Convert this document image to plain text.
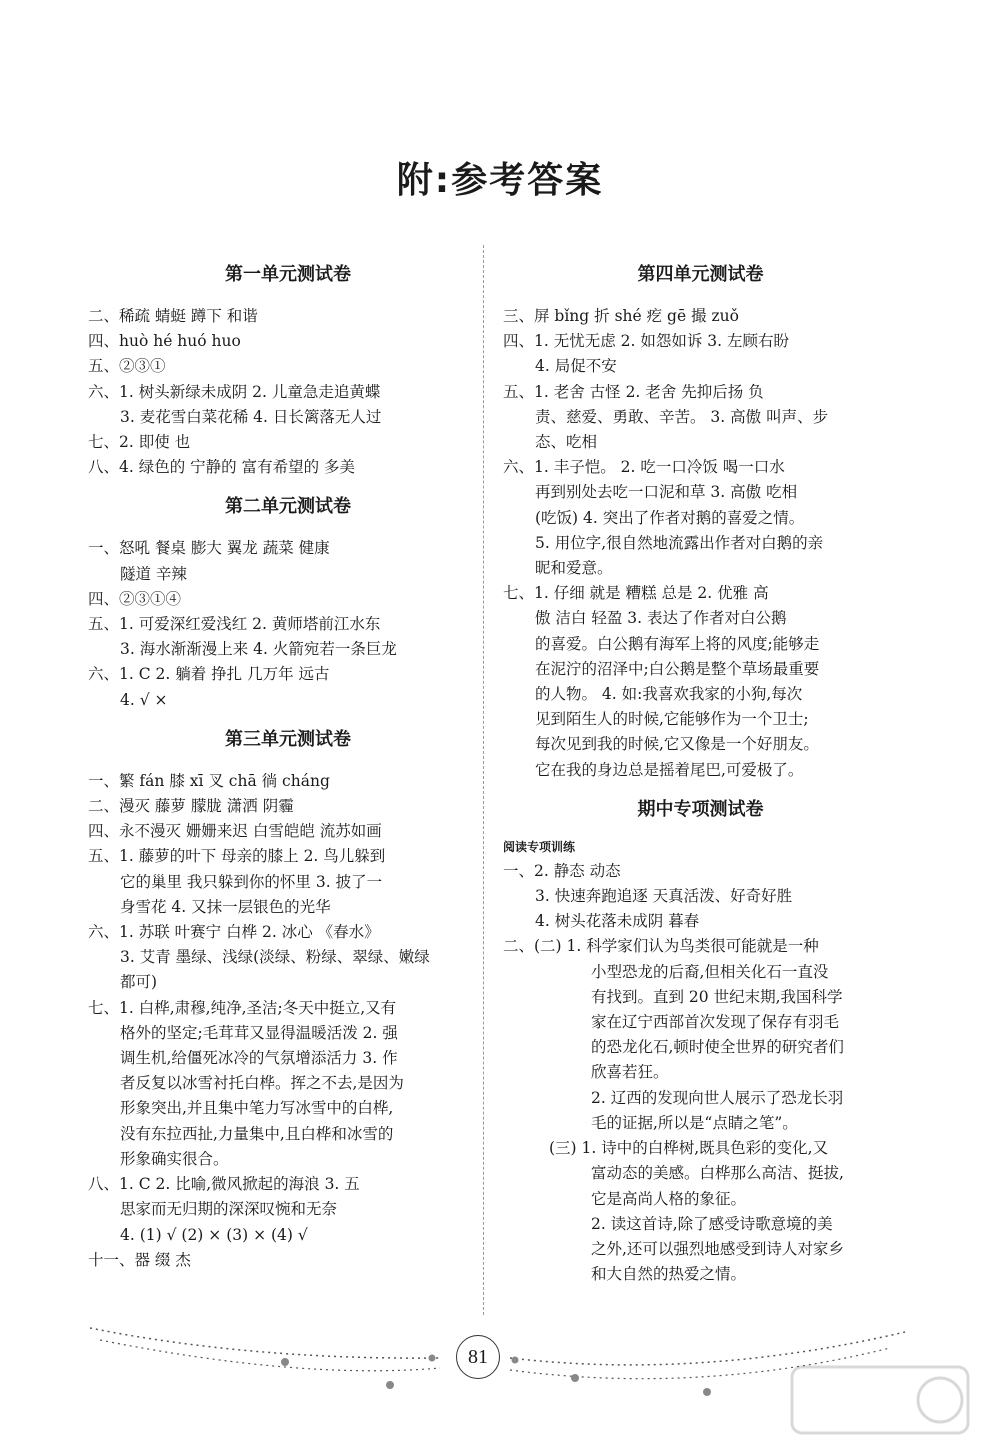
附:参考答案
第一单元测试卷
二、稀疏 蜻蜓 蹲下 和谐
四、huò hé huó huo
五、②③①
六、1. 树头新绿未成阴 2. 儿童急走追黄蝶
3. 麦花雪白菜花稀 4. 日长篱落无人过
七、2. 即使 也
八、4. 绿色的 宁静的 富有希望的 多美
第二单元测试卷
一、怒吼 餐桌 膨大 翼龙 蔬菜 健康
隧道 辛辣
四、②③①④
五、1. 可爱深红爱浅红 2. 黄师塔前江水东
3. 海水渐渐漫上来 4. 火箭宛若一条巨龙
六、1. C 2. 躺着 挣扎 几万年 远古
4. √ ×
第三单元测试卷
一、繁 fán 膝 xī 叉 chā 徜 cháng
二、漫灭 藤萝 朦胧 潇洒 阴霾
四、永不漫灭 姗姗来迟 白雪皑皑 流苏如画
五、1. 藤萝的叶下 母亲的膝上 2. 鸟儿躲到
它的巢里 我只躲到你的怀里 3. 披了一
身雪花 4. 又抹一层银色的光华
六、1. 苏联 叶赛宁 白桦 2. 冰心 《春水》
3. 艾青 墨绿、浅绿(淡绿、粉绿、翠绿、嫩绿
都可)
七、1. 白桦,肃穆,纯净,圣洁;冬天中挺立,又有
格外的坚定;毛茸茸又显得温暖活泼 2. 强
调生机,给僵死冰冷的气氛增添活力 3. 作
者反复以冰雪衬托白桦。挥之不去,是因为
形象突出,并且集中笔力写冰雪中的白桦,
没有东拉西扯,力量集中,且白桦和冰雪的
形象确实很合。
八、1. C 2. 比喻,微风掀起的海浪 3. 五
思家而无归期的深深叹惋和无奈
4. (1) √ (2) × (3) × (4) √
十一、器 缀 杰
第四单元测试卷
三、屏 bǐng 折 shé 疙 gē 撮 zuǒ
四、1. 无忧无虑 2. 如怨如诉 3. 左顾右盼
4. 局促不安
五、1. 老舍 古怪 2. 老舍 先抑后扬 负
责、慈爱、勇敢、辛苦。 3. 高傲 叫声、步
态、吃相
六、1. 丰子恺。 2. 吃一口冷饭 喝一口水
再到别处去吃一口泥和草 3. 高傲 吃相
(吃饭) 4. 突出了作者对鹅的喜爱之情。
5. 用位字,很自然地流露出作者对白鹅的亲
昵和爱意。
七、1. 仔细 就是 糟糕 总是 2. 优雅 高
傲 洁白 轻盈 3. 表达了作者对白公鹅
的喜爱。白公鹅有海军上将的风度;能够走
在泥泞的沼泽中;白公鹅是整个草场最重要
的人物。 4. 如:我喜欢我家的小狗,每次
见到陌生人的时候,它能够作为一个卫士;
每次见到我的时候,它又像是一个好朋友。
它在我的身边总是摇着尾巴,可爱极了。
期中专项测试卷
阅读专项训练
一、2. 静态 动态
3. 快速奔跑追逐 天真活泼、好奇好胜
4. 树头花落未成阴 暮春
二、(二) 1. 科学家们认为鸟类很可能就是一种
小型恐龙的后裔,但相关化石一直没
有找到。直到 20 世纪末期,我国科学
家在辽宁西部首次发现了保存有羽毛
的恐龙化石,顿时使全世界的研究者们
欣喜若狂。
2. 辽西的发现向世人展示了恐龙长羽
毛的证据,所以是“点睛之笔”。
(三) 1. 诗中的白桦树,既具色彩的变化,又
富动态的美感。白桦那么高洁、挺拔,
它是高尚人格的象征。
2. 读这首诗,除了感受诗歌意境的美
之外,还可以强烈地感受到诗人对家乡
和大自然的热爱之情。
81
